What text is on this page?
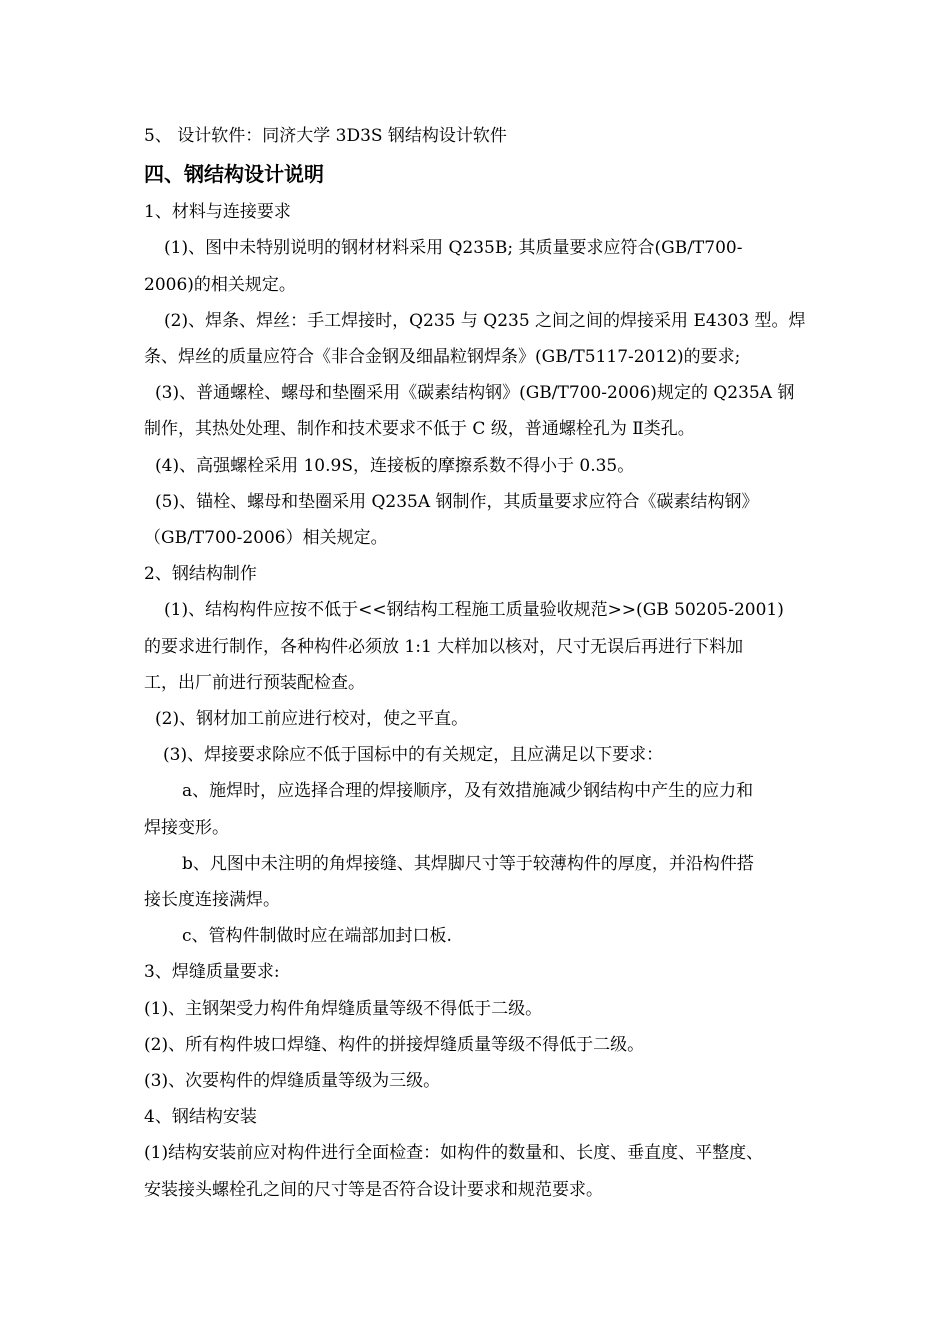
5、 设计软件：同济大学 3D3S 钢结构设计软件
四、钢结构设计说明
1、材料与连接要求
(1)、图中未特别说明的钢材材料采用 Q235B; 其质量要求应符合(GB/T700-
2006)的相关规定。
(2)、焊条、焊丝：手工焊接时，Q235 与 Q235 之间之间的焊接采用 E4303 型。焊
条、焊丝的质量应符合《非合金钢及细晶粒钢焊条》(GB/T5117-2012)的要求;
(3)、普通螺栓、螺母和垫圈采用《碳素结构钢》(GB/T700-2006)规定的 Q235A 钢
制作，其热处处理、制作和技术要求不低于 C 级，普通螺栓孔为 Ⅱ类孔。
(4)、高强螺栓采用 10.9S，连接板的摩擦系数不得小于 0.35。
(5)、锚栓、螺母和垫圈采用 Q235A 钢制作，其质量要求应符合《碳素结构钢》
（GB/T700-2006）相关规定。
2、钢结构制作
(1)、结构构件应按不低于<<钢结构工程施工质量验收规范>>(GB 50205-2001)
的要求进行制作，各种构件必须放 1:1 大样加以核对，尺寸无误后再进行下料加
工，出厂前进行预装配检查。
(2)、钢材加工前应进行校对，使之平直。
(3)、焊接要求除应不低于国标中的有关规定，且应满足以下要求：
a、施焊时，应选择合理的焊接顺序，及有效措施减少钢结构中产生的应力和
焊接变形。
b、凡图中未注明的角焊接缝、其焊脚尺寸等于较薄构件的厚度，并沿构件搭
接长度连接满焊。
c、管构件制做时应在端部加封口板.
3、焊缝质量要求:
(1)、主钢架受力构件角焊缝质量等级不得低于二级。
(2)、所有构件坡口焊缝、构件的拼接焊缝质量等级不得低于二级。
(3)、次要构件的焊缝质量等级为三级。
4、钢结构安装
(1)结构安装前应对构件进行全面检查：如构件的数量和、长度、垂直度、平整度、
安装接头螺栓孔之间的尺寸等是否符合设计要求和规范要求。
